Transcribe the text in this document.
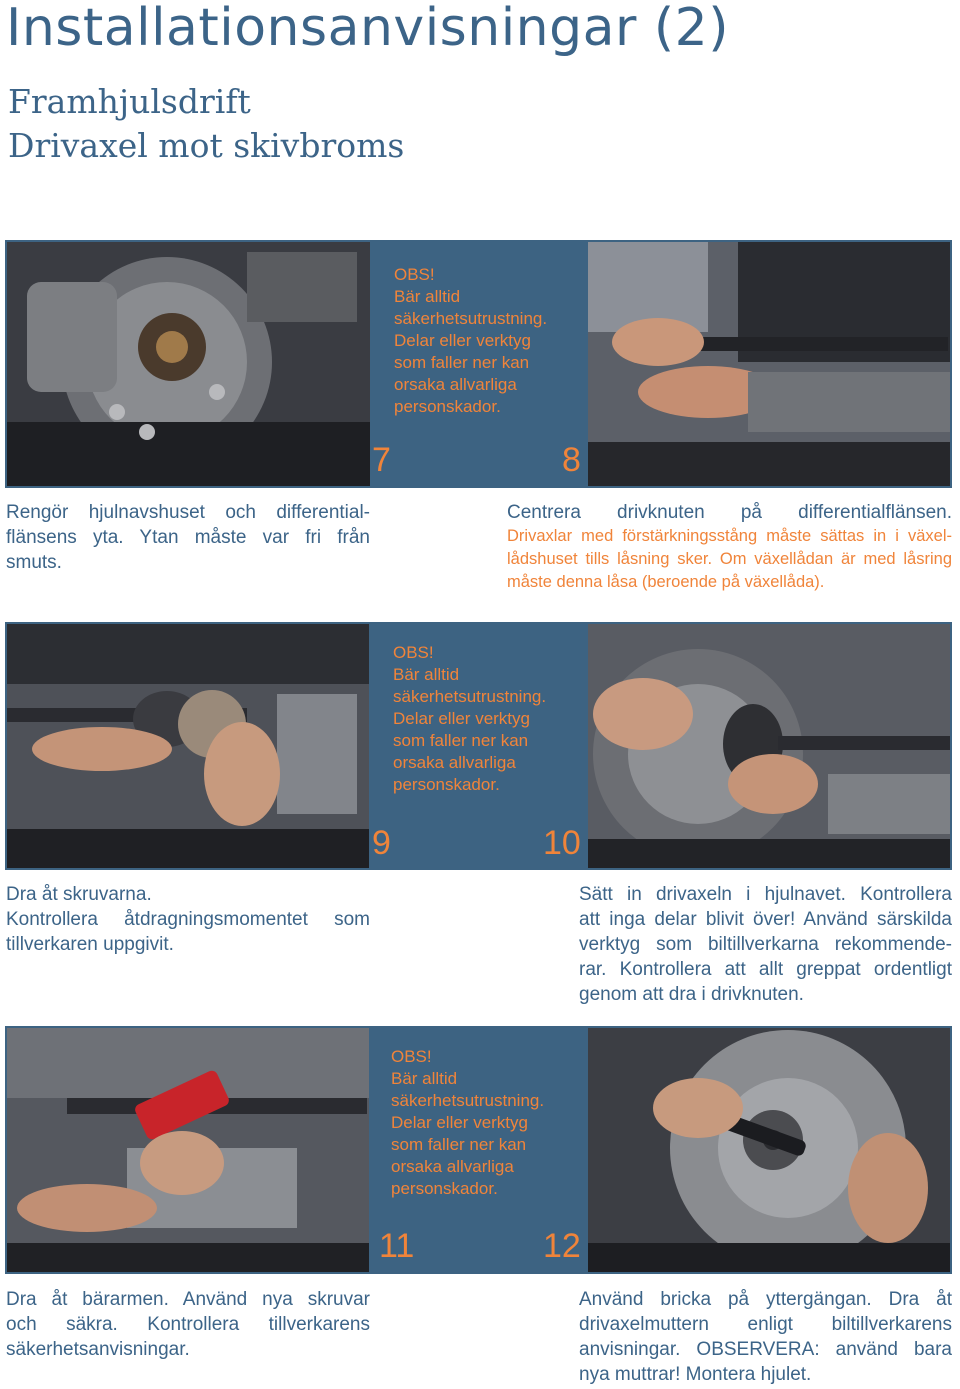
Installationsanvisningar (2)
Framhjulsdrift
Drivaxel mot skivbroms
OBS!
Bär alltid
säkerhetsutrustning.
Delar eller verktyg
som faller ner kan
orsaka allvarliga
personskador.
7	8
Rengör hjulnavshuset och differential-
flänsens yta. Ytan måste var fri från
smuts.
Centrera drivknuten på differentialflänsen.
Drivaxlar med förstärkningsstång måste sättas in i växel-
lådshuset tills låsning sker. Om växellådan är med låsring
måste denna låsa (beroende på växellåda).
OBS!
Bär alltid
säkerhetsutrustning.
Delar eller verktyg
som faller ner kan
orsaka allvarliga
personskador.
9	10
Dra åt skruvarna.
Kontrollera åtdragningsmomentet som
tillverkaren uppgivit.
Sätt in drivaxeln i hjulnavet. Kontrollera
att inga delar blivit över! Använd särskilda
verktyg som biltillverkarna rekommende-
rar. Kontrollera att allt greppat ordentligt
genom att dra i drivknuten.
OBS!
Bär alltid
säkerhetsutrustning.
Delar eller verktyg
som faller ner kan
orsaka allvarliga
personskador.
11	12
Dra åt bärarmen. Använd nya skruvar
och säkra. Kontrollera tillverkarens
säkerhetsanvisningar.
Använd bricka på yttergängan. Dra åt
drivaxelmuttern enligt biltillverkarens
anvisningar. OBSERVERA: använd bara
nya muttrar! Montera hjulet.
